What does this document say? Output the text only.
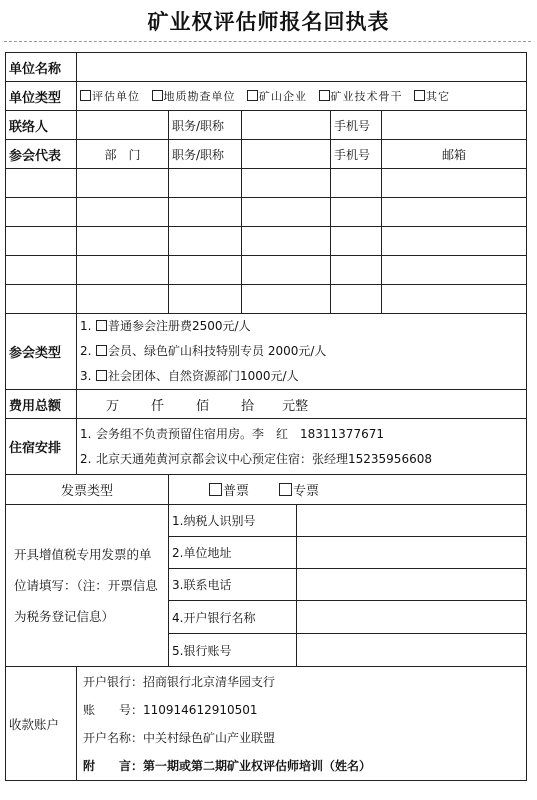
矿业权评估师报名回执表
单位名称						
单位类型	评估单位 地质勘查单位 矿山企业 矿业技术骨干 其它					
联络人		职务/职称			手机号	
参会代表	部　门	职务/职称			手机号	邮箱

参会类型	1. 普通参会注册费2500元/人
2. 会员、绿色矿山科技特别专员 2000元/人
3. 社会团体、自然资源部门1000元/人					

费用总额	万 仟 佰 拾 元整					
住宿安排	1. 会务组不负责预留住宿用房。李　红　18311377671
2. 北京天通苑黄河京都会议中心预定住宿：张经理15235956608					

发票类型		普票 专票				
开具增值税专用发票的单位请填写：（注：开票信息为税务登记信息）		1.纳税人识别号				
		2.单位地址				
		3.联系电话				
		4.开户银行名称				
		5.银行账号				
收款账户	开户银行：招商银行北京清华园支行
账　　号：110914612910501
开户名称：中关村绿色矿山产业联盟
附　　言：第一期或第二期矿业权评估师培训（姓名）					
